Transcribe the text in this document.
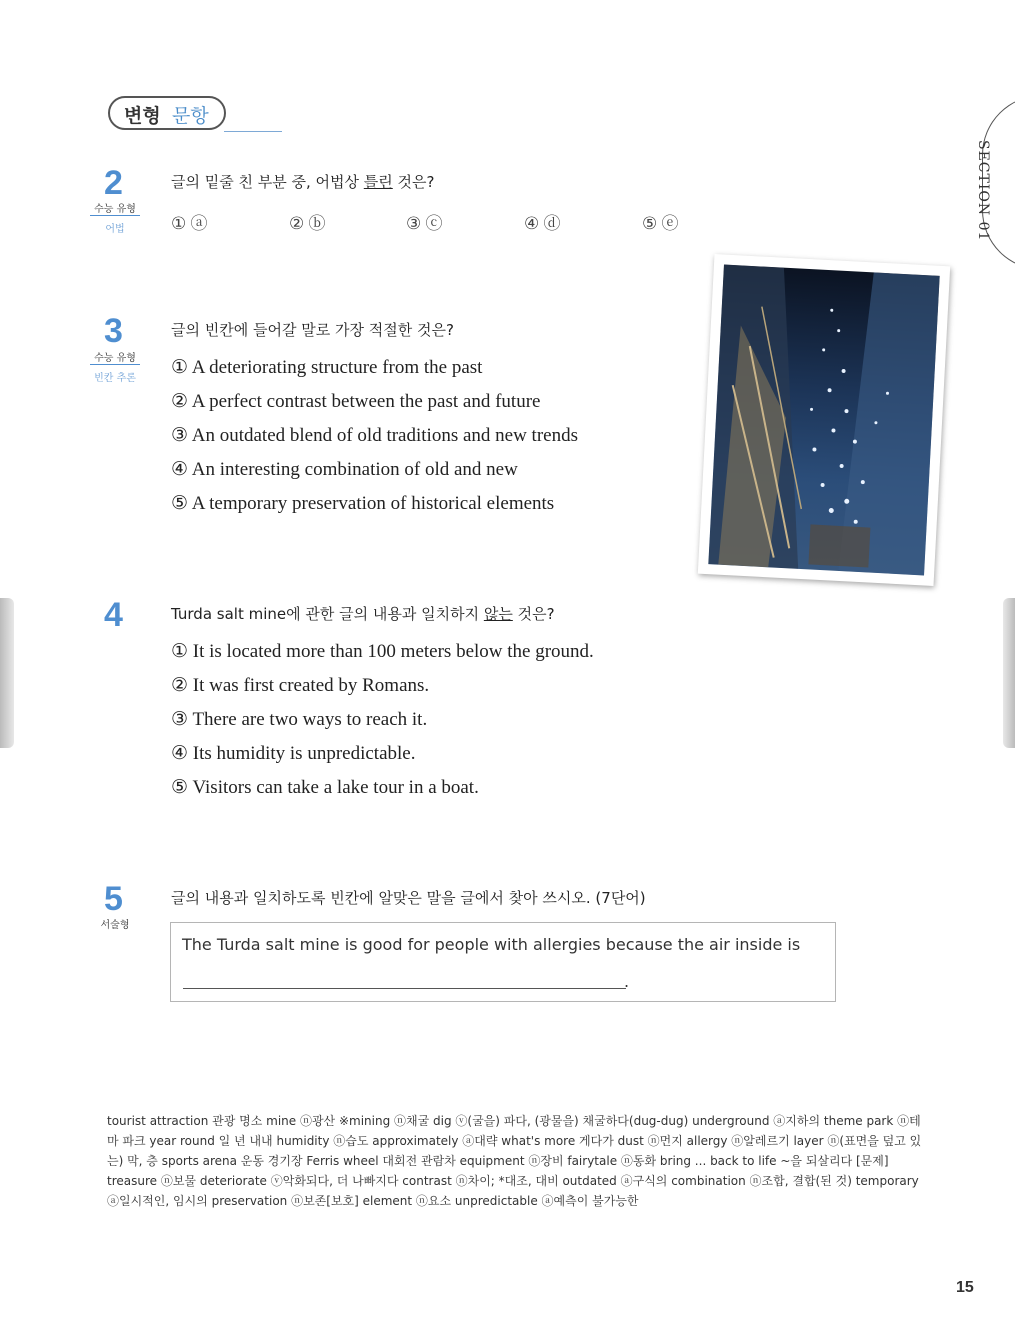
변형 문항
SECTION 01
2
수능 유형
어법
글의 밑줄 친 부분 중, 어법상 틀린 것은?
① ⓐ	② ⓑ	③ ⓒ	④ ⓓ	⑤ ⓔ
3
수능 유형
빈칸 추론
글의 빈칸에 들어갈 말로 가장 적절한 것은?
① A deteriorating structure from the past
② A perfect contrast between the past and future
③ An outdated blend of old traditions and new trends
④ An interesting combination of old and new
⑤ A temporary preservation of historical elements
4	Turda salt mine에 관한 글의 내용과 일치하지 않는 것은?
① It is located more than 100 meters below the ground.
② It was first created by Romans.
③ There are two ways to reach it.
④ Its humidity is unpredictable.
⑤ Visitors can take a lake tour in a boat.
5
서술형
글의 내용과 일치하도록 빈칸에 알맞은 말을 글에서 찾아 쓰시오. (7단어)
The Turda salt mine is good for people with allergies because the air inside is
.
tourist attraction 관광 명소 mine ⓝ광산 ※mining ⓝ채굴 dig ⓥ(굴을) 파다, (광물을) 채굴하다(dug-dug) underground ⓐ지하의 theme park ⓝ테마 파크 year round 일 년 내내 humidity ⓝ습도 approximately ⓐ대략 what's more 게다가 dust ⓝ먼지 allergy ⓝ알레르기 layer ⓝ(표면을 덮고 있는) 막, 층 sports arena 운동 경기장 Ferris wheel 대회전 관람차 equipment ⓝ장비 fairytale ⓝ동화 bring ... back to life ~을 되살리다 [문제] treasure ⓝ보물 deteriorate ⓥ악화되다, 더 나빠지다 contrast ⓝ차이; *대조, 대비 outdated ⓐ구식의 combination ⓝ조합, 결합(된 것) temporary ⓐ일시적인, 임시의 preservation ⓝ보존[보호] element ⓝ요소 unpredictable ⓐ예측이 불가능한
15
